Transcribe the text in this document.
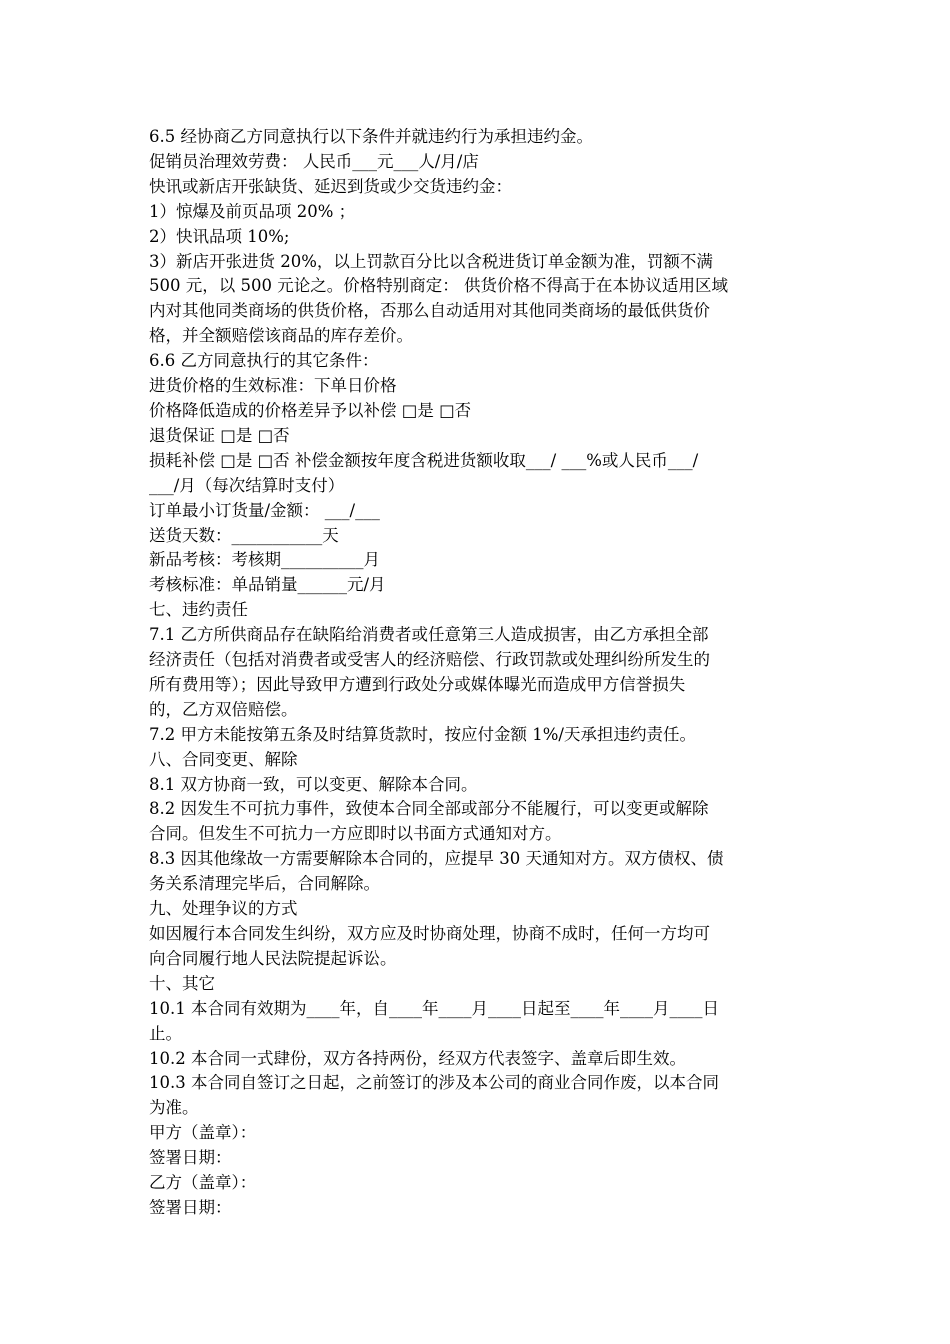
6.5 经协商乙方同意执行以下条件并就违约行为承担违约金。

促销员治理效劳费： 人民币___元___人/月/店

快讯或新店开张缺货、延迟到货或少交货违约金：

1）惊爆及前页品项 20% ；

2）快讯品项 10%;

3）新店开张进货 20%，以上罚款百分比以含税进货订单金额为准，罚额不满

500 元，以 500 元论之。价格特别商定： 供货价格不得高于在本协议适用区域

内对其他同类商场的供货价格，否那么自动适用对其他同类商场的最低供货价

格，并全额赔偿该商品的库存差价。

6.6 乙方同意执行的其它条件：

进货价格的生效标准：下单日价格

价格降低造成的价格差异予以补偿 □是 □否

退货保证 □是 □否

损耗补偿 □是 □否 补偿金额按年度含税进货额收取___/ ___%或人民币___/

___/月（每次结算时支付）

订单最小订货量/金额： ___/___

送货天数：___________天

新品考核：考核期__________月

考核标准：单品销量______元/月

七、违约责任

7.1 乙方所供商品存在缺陷给消费者或任意第三人造成损害，由乙方承担全部

经济责任（包括对消费者或受害人的经济赔偿、行政罚款或处理纠纷所发生的

所有费用等）；因此导致甲方遭到行政处分或媒体曝光而造成甲方信誉损失

的，乙方双倍赔偿。

7.2 甲方未能按第五条及时结算货款时，按应付金额 1%/天承担违约责任。

八、合同变更、解除

8.1 双方协商一致，可以变更、解除本合同。

8.2 因发生不可抗力事件，致使本合同全部或部分不能履行，可以变更或解除

合同。但发生不可抗力一方应即时以书面方式通知对方。

8.3 因其他缘故一方需要解除本合同的，应提早 30 天通知对方。双方债权、债

务关系清理完毕后，合同解除。

九、处理争议的方式

如因履行本合同发生纠纷，双方应及时协商处理，协商不成时，任何一方均可

向合同履行地人民法院提起诉讼。

十、其它

10.1 本合同有效期为____年，自____年____月____日起至____年____月____日

止。

10.2 本合同一式肆份，双方各持两份，经双方代表签字、盖章后即生效。

10.3 本合同自签订之日起，之前签订的涉及本公司的商业合同作废，以本合同

为准。

甲方（盖章）：

签署日期：

乙方（盖章）：

签署日期：
